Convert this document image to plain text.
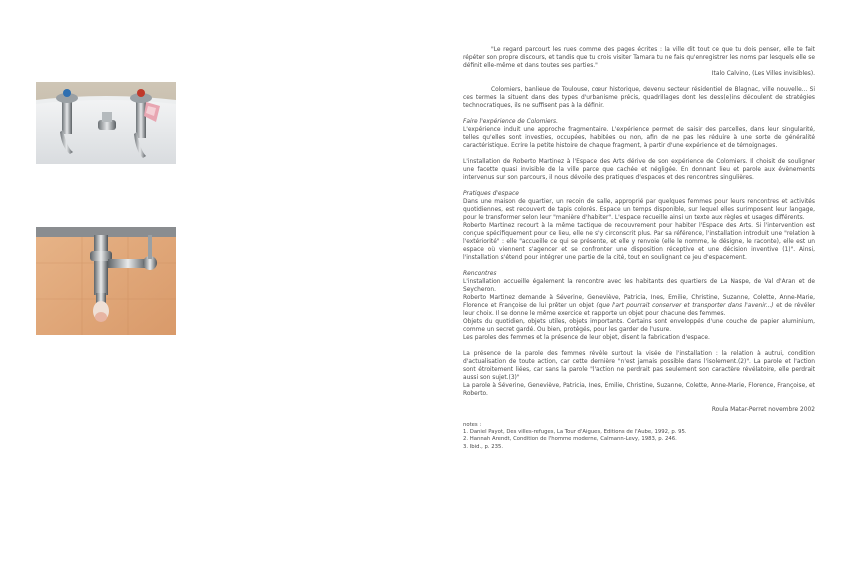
"Le regard parcourt les rues comme des pages écrites : la ville dit tout ce que tu dois penser, elle te fait répéter son propre discours, et tandis que tu crois visiter Tamara tu ne fais qu'enregistrer les noms par lesquels elle se définit elle-même et dans toutes ses parties."

Italo Calvino, (Les Villes invisibles).

Colomiers, banlieue de Toulouse, cœur historique, devenu secteur résidentiel de Blagnac, ville nouvelle... Si ces termes la situent dans des types d'urbanisme précis, quadrillages dont les dess(e)ins découlent de stratégies technocratiques, ils ne suffisent pas à la définir.

Faire l'expérience de Colomiers.

L'expérience induit une approche fragmentaire. L'expérience permet de saisir des parcelles, dans leur singularité, telles qu'elles sont investies, occupées, habitées ou non, afin de ne pas les réduire à une sorte de généralité caractéristique. Ecrire la petite histoire de chaque fragment, à partir d'une expérience et de témoignages.

L'installation de Roberto Martinez à l'Espace des Arts dérive de son expérience de Colomiers. Il choisit de souligner une facette quasi invisible de la ville parce que cachée et négligée. En donnant lieu et parole aux évènements intervenus sur son parcours, il nous dévoile des pratiques d'espaces et des rencontres singulières.

Pratiques d'espace

Dans une maison de quartier, un recoin de salle, approprié par quelques femmes pour leurs rencontres et activités quotidiennes, est recouvert de tapis colorés. Espace un temps disponible, sur lequel elles surimposent leur langage, pour le transformer selon leur "manière d'habiter". L'espace recueille ainsi un texte aux règles et usages différents.

Roberto Martinez recourt à la même tactique de recouvrement pour habiter l'Espace des Arts. Si l'intervention est conçue spécifiquement pour ce lieu, elle ne s'y circonscrit plus. Par sa référence, l'installation introduit une "relation à l'extériorité" : elle "accueille ce qui se présente, et elle y renvoie (elle le nomme, le désigne, le raconte), elle est un espace où viennent s'agencer et se confronter une disposition réceptive et une décision inventive (1)". Ainsi, l'installation s'étend pour intégrer une partie de la cité, tout en soulignant ce jeu d'espacement.

Rencontres

L'installation accueille également la rencontre avec les habitants des quartiers de La Naspe, de Val d'Aran et de Seycheron.

Roberto Martinez demande à Séverine, Geneviève, Patricia, Ines, Emilie, Christine, Suzanne, Colette, Anne-Marie, Florence et Françoise de lui prêter un objet (que l'art pourrait conserver et transporter dans l'avenir...) et de révéler leur choix. Il se donne le même exercice et rapporte un objet pour chacune des femmes.

Objets du quotidien, objets utiles, objets importants. Certains sont enveloppés d'une couche de papier aluminium, comme un secret gardé. Ou bien, protégés, pour les garder de l'usure.

Les paroles des femmes et la présence de leur objet, disent la fabrication d'espace.

La présence de la parole des femmes révèle surtout la visée de l'installation : la relation à autrui, condition d'actualisation de toute action, car cette dernière "n'est jamais possible dans l'isolement.(2)". La parole et l'action sont étroitement liées, car sans la parole "l'action ne perdrait pas seulement son caractère révélatoire, elle perdrait aussi son sujet.(3)"

La parole à Séverine, Geneviève, Patricia, Ines, Emilie, Christine, Suzanne, Colette, Anne-Marie, Florence, Françoise, et Roberto.

Roula Matar-Perret novembre 2002

notes :
1. Daniel Payot, Des villes-refuges, La Tour d'Aigues, Editions de l'Aube, 1992, p. 95.
2. Hannah Arendt, Condition de l'homme moderne, Calmann-Levy, 1983, p. 246.
3. Ibid., p. 235.
